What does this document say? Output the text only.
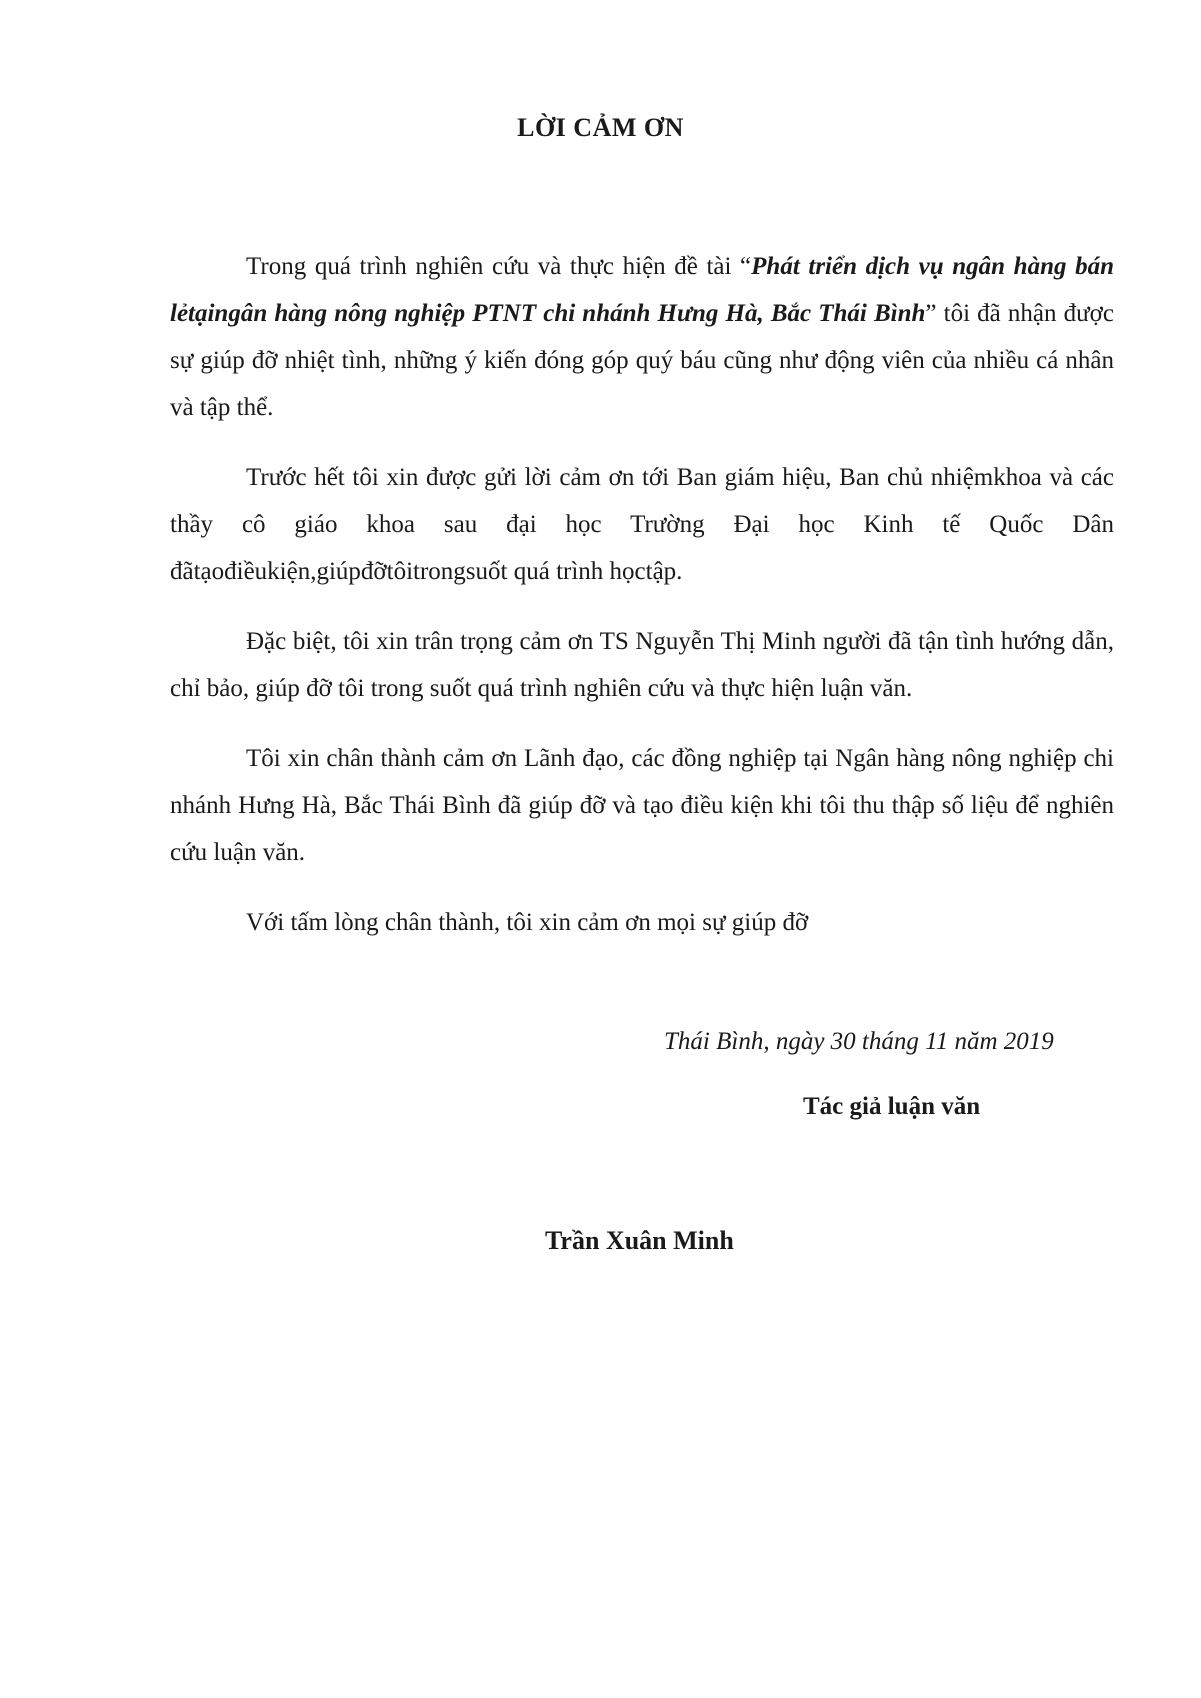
LỜI CẢM ƠN

Trong quá trình nghiên cứu và thực hiện đề tài “Phát triển dịch vụ ngân hàng bán lẻtạingân hàng nông nghiệp PTNT chi nhánh Hưng Hà, Bắc Thái Bình” tôi đã nhận được sự giúp đỡ nhiệt tình, những ý kiến đóng góp quý báu cũng như động viên của nhiều cá nhân và tập thể.

Trước hết tôi xin được gửi lời cảm ơn tới Ban giám hiệu, Ban chủ nhiệmkhoa và các thầy cô giáo khoa sau đại học Trường Đại học Kinh tế Quốc Dân đãtạođiềukiện,giúpđỡtôitrongsuốt quá trình họctập.

Đặc biệt, tôi xin trân trọng cảm ơn TS Nguyễn Thị Minh người đã tận tình hướng dẫn, chỉ bảo, giúp đỡ tôi trong suốt quá trình nghiên cứu và thực hiện luận văn.

Tôi xin chân thành cảm ơn Lãnh đạo, các đồng nghiệp tại Ngân hàng nông nghiệp chi nhánh Hưng Hà, Bắc Thái Bình đã giúp đỡ và tạo điều kiện khi tôi thu thập số liệu để nghiên cứu luận văn.

Với tấm lòng chân thành, tôi xin cảm ơn mọi sự giúp đỡ

Thái Bình, ngày 30 tháng 11 năm 2019
Tác giả luận văn
Trần Xuân Minh
